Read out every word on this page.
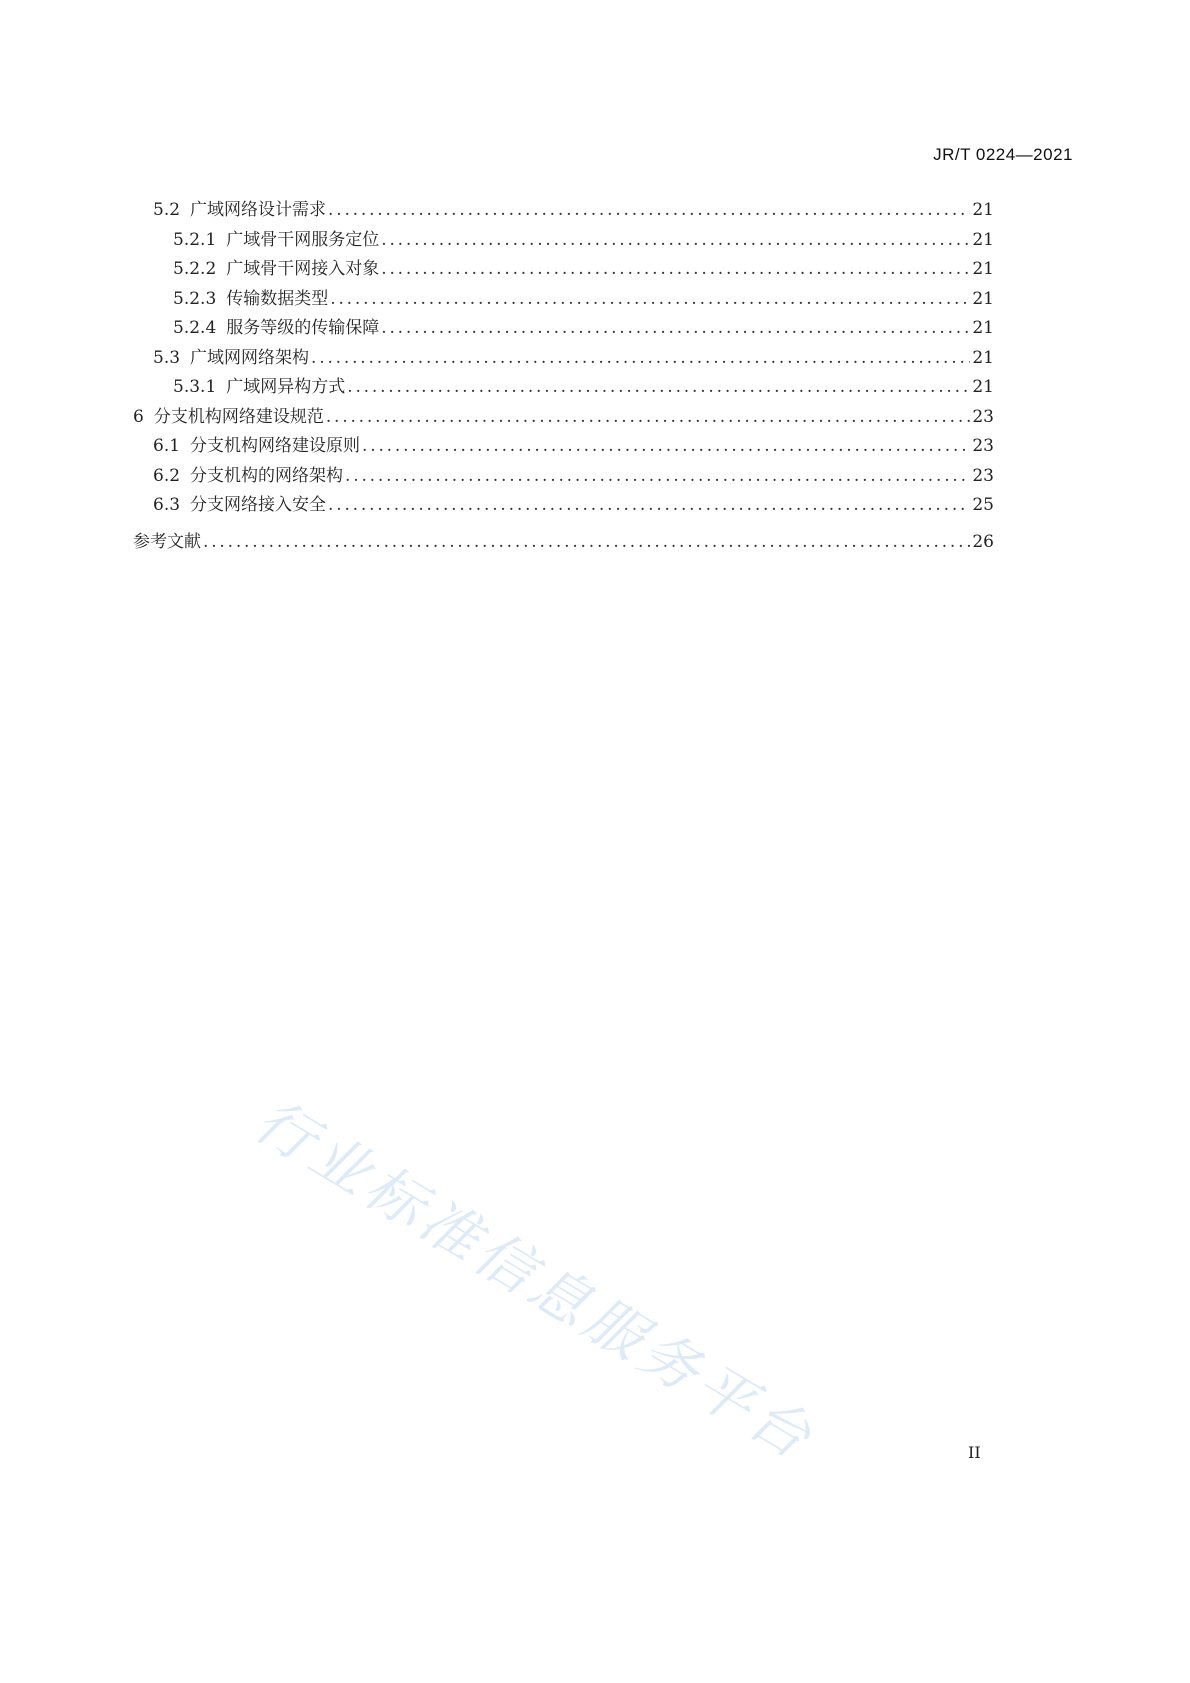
JR/T 0224—2021
5.2 广域网络设计需求 . . .	21
5.2.1 广域骨干网服务定位 . . .	21
5.2.2 广域骨干网接入对象 . . .	21
5.2.3 传输数据类型 . . .	21
5.2.4 服务等级的传输保障 . . .	21
5.3 广域网网络架构 . . .	21
5.3.1 广域网异构方式 . . .	21
6 分支机构网络建设规范 . . .	23
6.1 分支机构网络建设原则 . . .	23
6.2 分支机构的网络架构 . . .	23
6.3 分支网络接入安全 . . .	25
参考文献 . . .	26
行业标准信息服务平台	II
